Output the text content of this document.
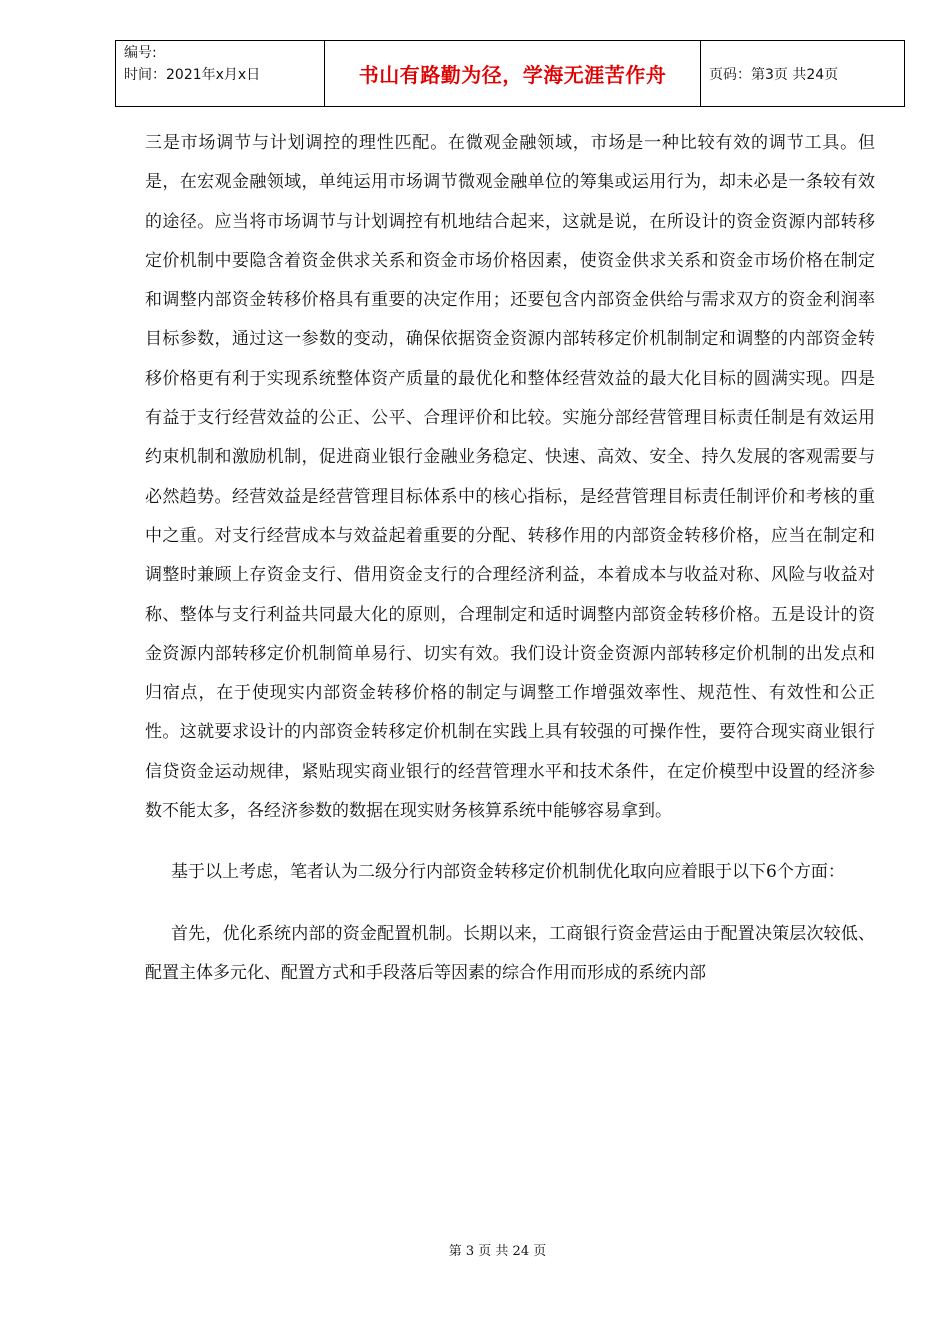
编号:
时间：2021年x月x日	书山有路勤为径，学海无涯苦作舟	页码：第3页 共24页

三是市场调节与计划调控的理性匹配。在微观金融领域，市场是一种比较有效的调节工具。但是，在宏观金融领域，单纯运用市场调节微观金融单位的筹集或运用行为，却未必是一条较有效的途径。应当将市场调节与计划调控有机地结合起来，这就是说，在所设计的资金资源内部转移定价机制中要隐含着资金供求关系和资金市场价格因素，使资金供求关系和资金市场价格在制定和调整内部资金转移价格具有重要的决定作用；还要包含内部资金供给与需求双方的资金利润率目标参数，通过这一参数的变动，确保依据资金资源内部转移定价机制制定和调整的内部资金转移价格更有利于实现系统整体资产质量的最优化和整体经营效益的最大化目标的圆满实现。四是有益于支行经营效益的公正、公平、合理评价和比较。实施分部经营管理目标责任制是有效运用约束机制和激励机制，促进商业银行金融业务稳定、快速、高效、安全、持久发展的客观需要与必然趋势。经营效益是经营管理目标体系中的核心指标，是经营管理目标责任制评价和考核的重中之重。对支行经营成本与效益起着重要的分配、转移作用的内部资金转移价格，应当在制定和调整时兼顾上存资金支行、借用资金支行的合理经济利益，本着成本与收益对称、风险与收益对称、整体与支行利益共同最大化的原则，合理制定和适时调整内部资金转移价格。五是设计的资金资源内部转移定价机制简单易行、切实有效。我们设计资金资源内部转移定价机制的出发点和归宿点，在于使现实内部资金转移价格的制定与调整工作增强效率性、规范性、有效性和公正性。这就要求设计的内部资金转移定价机制在实践上具有较强的可操作性，要符合现实商业银行信贷资金运动规律，紧贴现实商业银行的经营管理水平和技术条件，在定价模型中设置的经济参数不能太多，各经济参数的数据在现实财务核算系统中能够容易拿到。

基于以上考虑，笔者认为二级分行内部资金转移定价机制优化取向应着眼于以下6个方面：

首先，优化系统内部的资金配置机制。长期以来，工商银行资金营运由于配置决策层次较低、配置主体多元化、配置方式和手段落后等因素的综合作用而形成的系统内部

第 3 页 共 24 页
